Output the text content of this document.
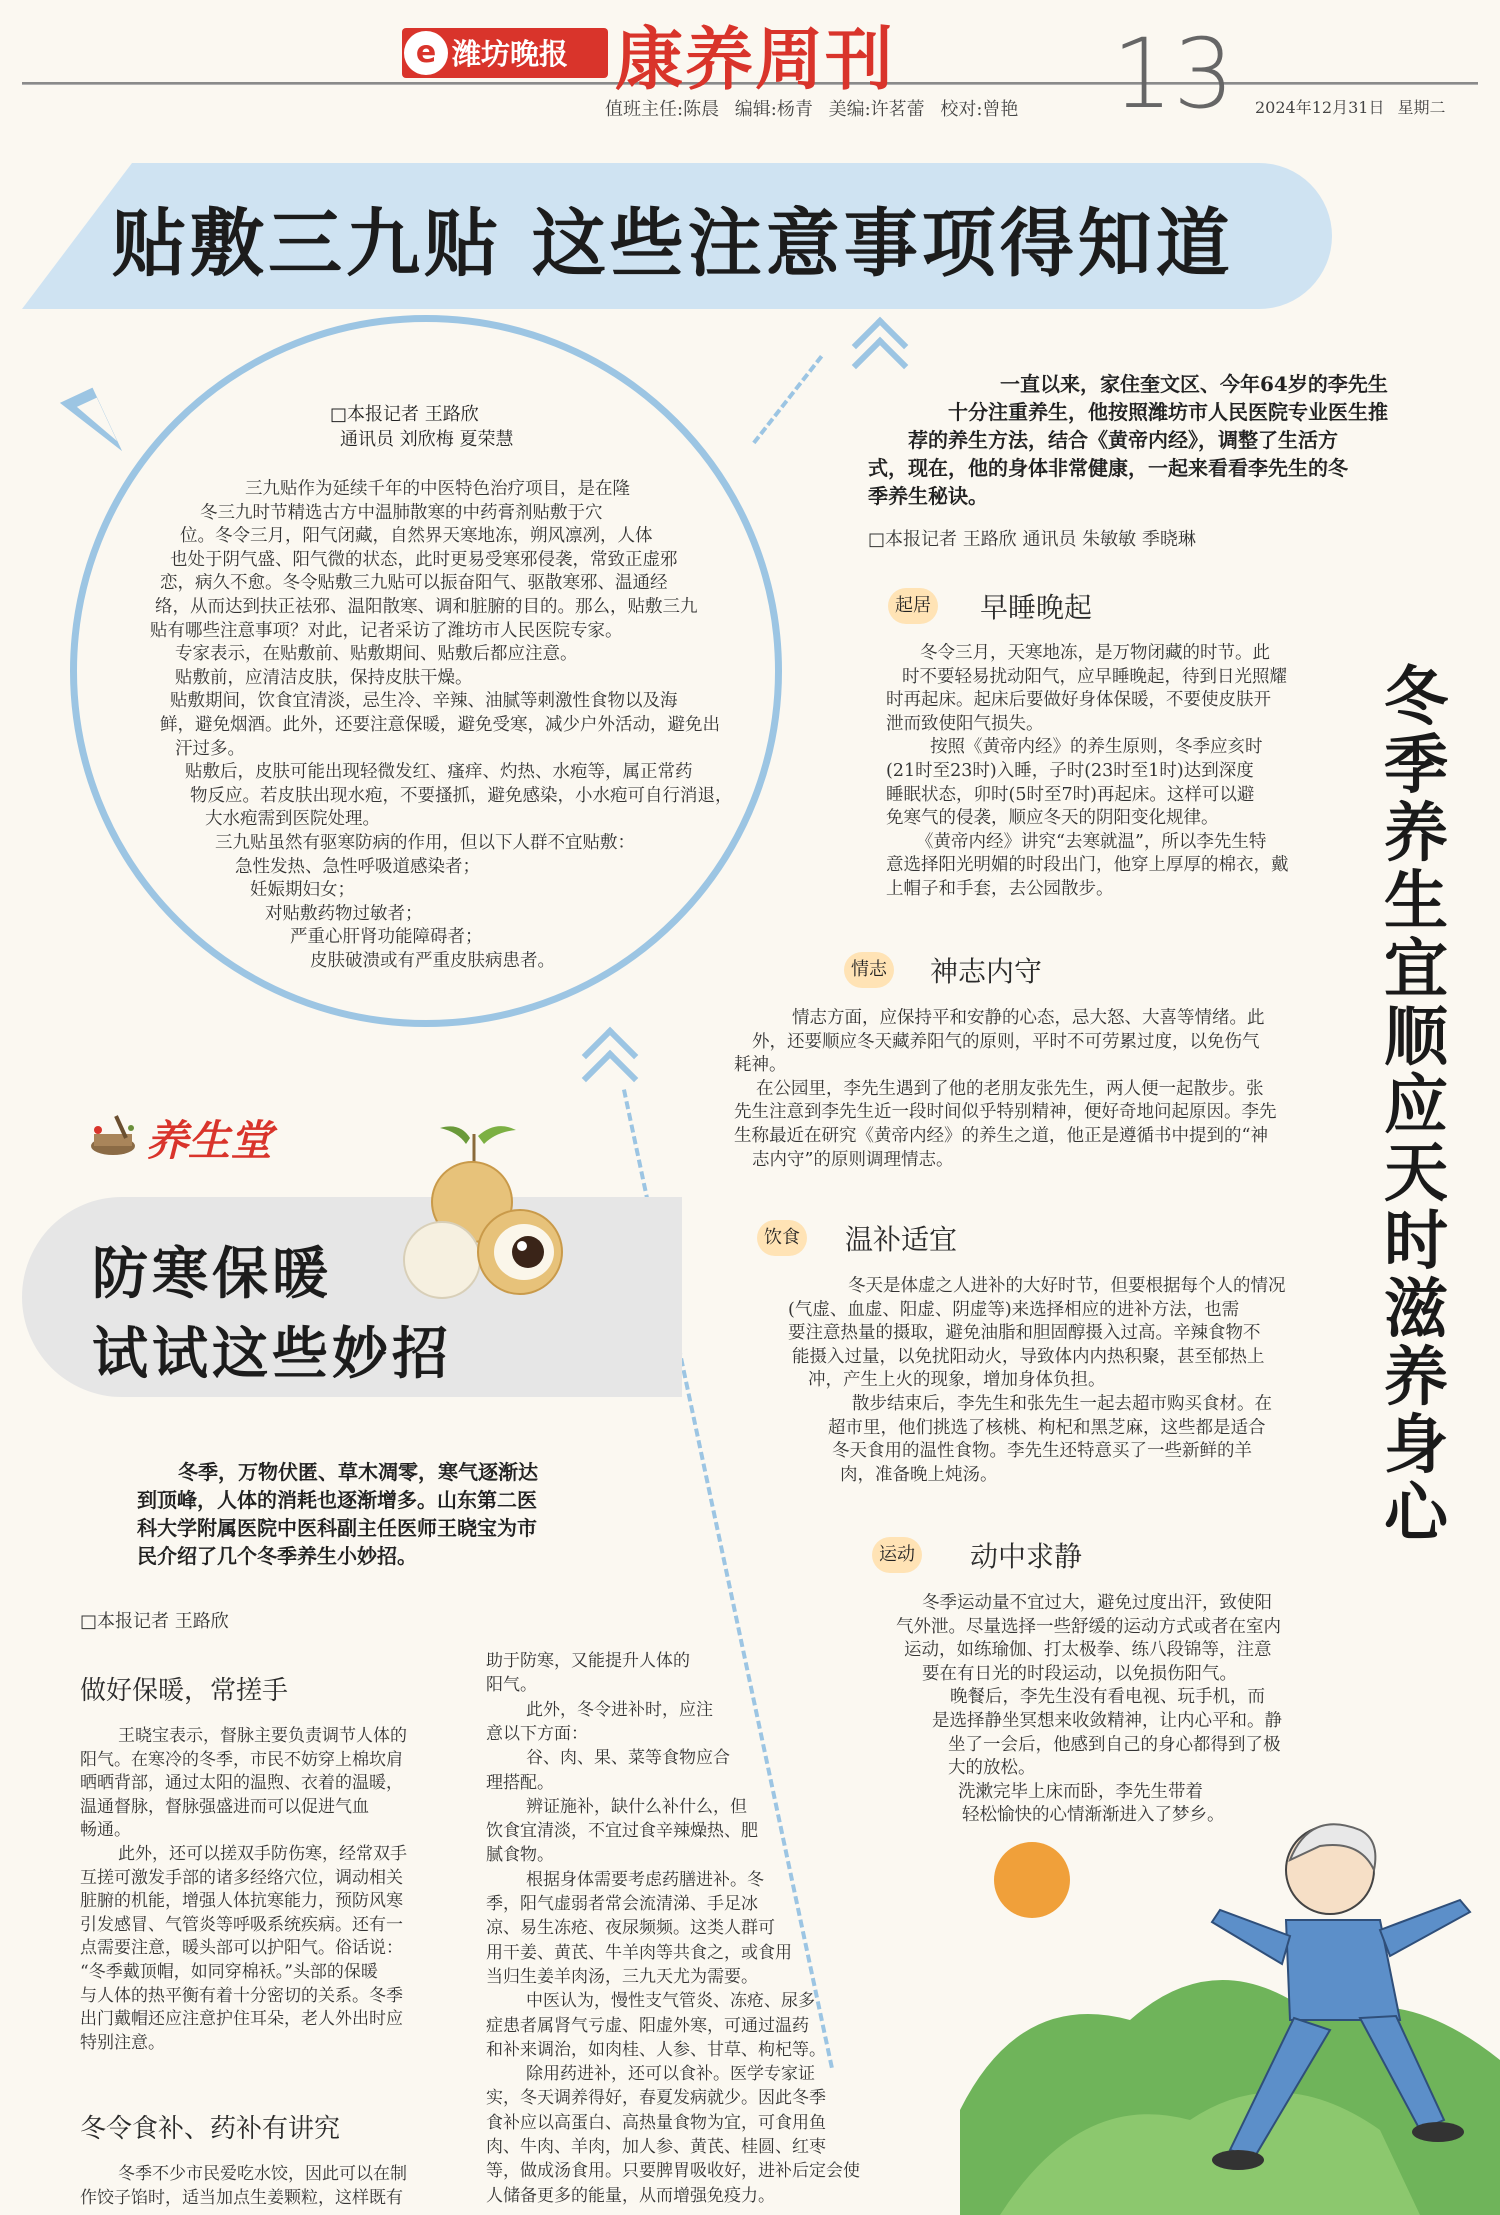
e 潍坊晚报 康养周刊 13
值班主任:陈晨 编辑:杨青 美编:许茗蕾 校对:曾艳	2024年12月31日 星期二
贴敷三九贴 这些注意事项得知道
□本报记者 王路欣
通讯员 刘欣梅 夏荣慧
三九贴作为延续千年的中医特色治疗项目，是在隆
冬三九时节精选古方中温肺散寒的中药膏剂贴敷于穴
位。冬令三月，阳气闭藏，自然界天寒地冻，朔风凛冽，人体
也处于阴气盛、阳气微的状态，此时更易受寒邪侵袭，常致正虚邪
恋，病久不愈。冬令贴敷三九贴可以振奋阳气、驱散寒邪、温通经
络，从而达到扶正祛邪、温阳散寒、调和脏腑的目的。那么，贴敷三九
贴有哪些注意事项？对此，记者采访了潍坊市人民医院专家。
专家表示，在贴敷前、贴敷期间、贴敷后都应注意。
贴敷前，应清洁皮肤，保持皮肤干燥。
贴敷期间，饮食宜清淡，忌生冷、辛辣、油腻等刺激性食物以及海
鲜，避免烟酒。此外，还要注意保暖，避免受寒，减少户外活动，避免出
汗过多。
贴敷后，皮肤可能出现轻微发红、瘙痒、灼热、水疱等，属正常药
物反应。若皮肤出现水疱，不要搔抓，避免感染，小水疱可自行消退，
大水疱需到医院处理。
三九贴虽然有驱寒防病的作用，但以下人群不宜贴敷：
急性发热、急性呼吸道感染者；
妊娠期妇女；
对贴敷药物过敏者；
严重心肝肾功能障碍者；
皮肤破溃或有严重皮肤病患者。
一直以来，家住奎文区、今年64岁的李先生
十分注重养生，他按照潍坊市人民医院专业医生推
荐的养生方法，结合《黄帝内经》，调整了生活方
式，现在，他的身体非常健康，一起来看看李先生的冬
季养生秘诀。
□本报记者 王路欣 通讯员 朱敏敏 季晓琳
冬季养生宜顺应天时 滋养身心
起居 早睡晚起
冬令三月，天寒地冻，是万物闭藏的时节。此
时不要轻易扰动阳气，应早睡晚起，待到日光照耀
时再起床。起床后要做好身体保暖，不要使皮肤开
泄而致使阳气损失。
按照《黄帝内经》的养生原则，冬季应亥时
(21时至23时)入睡，子时(23时至1时)达到深度
睡眠状态，卯时(5时至7时)再起床。这样可以避
免寒气的侵袭，顺应冬天的阴阳变化规律。
《黄帝内经》讲究“去寒就温”，所以李先生特
意选择阳光明媚的时段出门，他穿上厚厚的棉衣，戴
上帽子和手套，去公园散步。
情志 神志内守
情志方面，应保持平和安静的心态，忌大怒、大喜等情绪。此
外，还要顺应冬天藏养阳气的原则，平时不可劳累过度，以免伤气
耗神。
在公园里，李先生遇到了他的老朋友张先生，两人便一起散步。张
先生注意到李先生近一段时间似乎特别精神，便好奇地问起原因。李先
生称最近在研究《黄帝内经》的养生之道，他正是遵循书中提到的“神
志内守”的原则调理情志。
饮食 温补适宜
冬天是体虚之人进补的大好时节，但要根据每个人的情况
(气虚、血虚、阳虚、阴虚等)来选择相应的进补方法，也需
要注意热量的摄取，避免油脂和胆固醇摄入过高。辛辣食物不
能摄入过量，以免扰阳动火，导致体内内热积聚，甚至郁热上
冲，产生上火的现象，增加身体负担。
散步结束后，李先生和张先生一起去超市购买食材。在
超市里，他们挑选了核桃、枸杞和黑芝麻，这些都是适合
冬天食用的温性食物。李先生还特意买了一些新鲜的羊
肉，准备晚上炖汤。
运动 动中求静
冬季运动量不宜过大，避免过度出汗，致使阳
气外泄。尽量选择一些舒缓的运动方式或者在室内
运动，如练瑜伽、打太极拳、练八段锦等，注意
要在有日光的时段运动，以免损伤阳气。
晚餐后，李先生没有看电视、玩手机，而
是选择静坐冥想来收敛精神，让内心平和。静
坐了一会后，他感到自己的身心都得到了极
大的放松。
洗漱完毕上床而卧，李先生带着
轻松愉快的心情渐渐进入了梦乡。
养生堂
防寒保暖
试试这些妙招
冬季，万物伏匿、草木凋零，寒气逐渐达
到顶峰，人体的消耗也逐渐增多。山东第二医
科大学附属医院中医科副主任医师王晓宝为市
民介绍了几个冬季养生小妙招。
□本报记者 王路欣
做好保暖，常搓手
王晓宝表示，督脉主要负责调节人体的
阳气。在寒冷的冬季，市民不妨穿上棉坎肩
晒晒背部，通过太阳的温煦、衣着的温暖，
温通督脉，督脉强盛进而可以促进气血
畅通。
此外，还可以搓双手防伤寒，经常双手
互搓可激发手部的诸多经络穴位，调动相关
脏腑的机能，增强人体抗寒能力，预防风寒
引发感冒、气管炎等呼吸系统疾病。还有一
点需要注意，暖头部可以护阳气。俗话说：
“冬季戴顶帽，如同穿棉袄。”头部的保暖
与人体的热平衡有着十分密切的关系。冬季
出门戴帽还应注意护住耳朵，老人外出时应
特别注意。
冬令食补、药补有讲究
冬季不少市民爱吃水饺，因此可以在制
作饺子馅时，适当加点生姜颗粒，这样既有
助于防寒，又能提升人体的
阳气。
此外，冬令进补时，应注
意以下方面：
谷、肉、果、菜等食物应合
理搭配。
辨证施补，缺什么补什么，但
饮食宜清淡，不宜过食辛辣燥热、肥
腻食物。
根据身体需要考虑药膳进补。冬
季，阳气虚弱者常会流清涕、手足冰
凉、易生冻疮、夜尿频频。这类人群可
用干姜、黄芪、牛羊肉等共食之，或食用
当归生姜羊肉汤，三九天尤为需要。
中医认为，慢性支气管炎、冻疮、尿多
症患者属肾气亏虚、阳虚外寒，可通过温药
和补来调治，如肉桂、人参、甘草、枸杞等。
除用药进补，还可以食补。医学专家证
实，冬天调养得好，春夏发病就少。因此冬季
食补应以高蛋白、高热量食物为宜，可食用鱼
肉、牛肉、羊肉，加人参、黄芪、桂圆、红枣
等，做成汤食用。只要脾胃吸收好，进补后定会使
人储备更多的能量，从而增强免疫力。
